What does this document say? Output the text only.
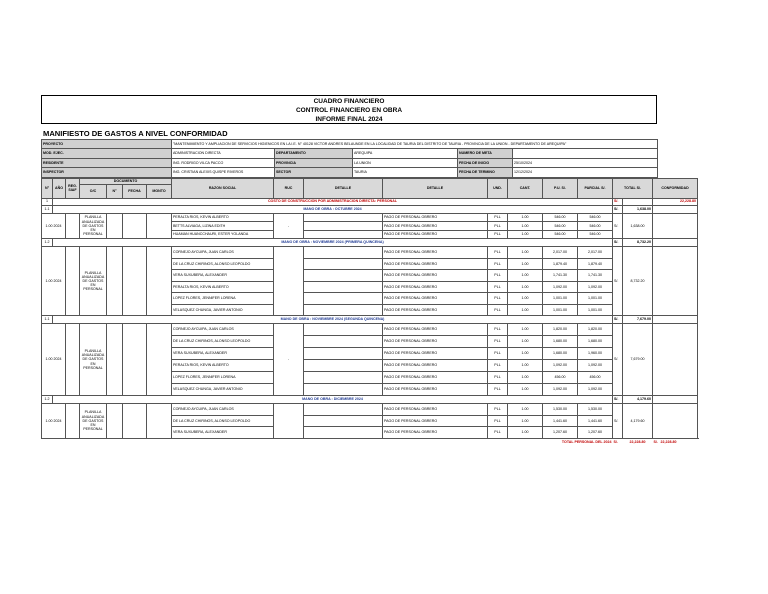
CUADRO FINANCIERO
CONTROL FINANCIERO EN OBRA
INFORME FINAL 2024
MANIFIESTO DE GASTOS A NIVEL CONFORMIDAD
PROYECTO	"MANTENIMIENTO Y AMPLIACION DE SERVICIOS HIGIENICOS EN LA I.E. N° 40128 VICTOR ANDRES BELAUNDE EN LA LOCALIDAD DE TAURIA DEL DISTRITO DE TAURIA - PROVINCIA DE LA UNION - DEPARTAMENTO DE AREQUIPA"				
MOD. EJEC.	ADMINISTRACION DIRECTA	DEPARTAMENTO	AREQUIPA	NUMERO DE META	
RESIDENTE	ING. RODRIGO VILCA PACCO	PROVINCIA	LA UNION	FECHA DE INICIO	25/10/2024
INSPECTOR	ING. CRISTIAN ALEXIS QUISPE RIVEROS	SECTOR	TAURIA	FECHA DE TERMINO	12/12/2024
N°	AÑO	REG. SIAF	DOCUMENTO				RAZON SOCIAL	RUC	DETALLE	DETALLE	UND.	CANT.	P.U. S/.	PARCIAL S/.	TOTAL S/.		CONFORMIDAD
			O/C	N°	FECHA	MONTO												
1	COSTO DE CONSTRUCCION POR ADMINISTRACION DIRECTA: PERSONAL														S/.		22,228.80	
1.1	MANO DE OBRA : OCTUBRE 2024														S/.	1,638.00		
1.00 2024			PLANILLA ANUALIZADA DE GASTOS EN PERSONAL				PERALTA RIOS, KEVIN ALBERTO	-		PAGO DE PERSONAL OBRERO	PLL	1.00	546.00	546.00	S/.	1,638.00		
							BETTS ALVIAGA, LIZINA EDITH			PAGO DE PERSONAL OBRERO	PLL	1.00	546.00	546.00				
							HUAMAN HUANCCHAURI, ESTER YOLANDA			PAGO DE PERSONAL OBRERO	PLL	1.00	546.00	546.00				
1.2	MANO DE OBRA : NOVIEMBRE 2024 (PRIMERA QUINCENA)														S/.	8,732.20		
1.00 2024			PLANILLA ANUALIZADA DE GASTOS EN PERSONAL				CORNEJO AYCUIPA, JUAN CARLOS			PAGO DE PERSONAL OBRERO	PLL	1.00	2,017.00	2,017.00	S/.	8,732.20		
							DE LA CRUZ CHIRINOS, ALONSO LEOPOLDO			PAGO DE PERSONAL OBRERO	PLL	1.00	1,879.40	1,879.40				
							VERA SUXUBERA, ALEXANDER			PAGO DE PERSONAL OBRERO	PLL	1.00	1,741.30	1,741.30				
							PERALTA RIOS, KEVIN ALBERTO			PAGO DE PERSONAL OBRERO	PLL	1.00	1,092.00	1,092.00				
							LOPEZ FLORES, JENNIFER LORENA			PAGO DE PERSONAL OBRERO	PLL	1.00	1,001.00	1,001.00				
							VELASQUEZ CHUNGA, JAVIER ANTONIO			PAGO DE PERSONAL OBRERO	PLL	1.00	1,001.00	1,001.00				
1.1	MANO DE OBRA : NOVIEMBRE 2024 (SEGUNDA QUINCENA)														S/.	7,679.00		
1.00 2024			PLANILLA ANUALIZADA DE GASTOS EN PERSONAL				CORNEJO AYCUIPA, JUAN CARLOS	-		PAGO DE PERSONAL OBRERO	PLL	1.00	1,820.00	1,820.00	S/.	7,679.00		
							DE LA CRUZ CHIRINOS, ALONSO LEOPOLDO			PAGO DE PERSONAL OBRERO	PLL	1.00	1,680.00	1,680.00				
							VERA SUXUBERA, ALEXANDER			PAGO DE PERSONAL OBRERO	PLL	1.00	1,680.00	1,960.00				
							PERALTA RIOS, KEVIN ALBERTO			PAGO DE PERSONAL OBRERO	PLL	1.00	1,092.00	1,092.00				
							LOPEZ FLORES, JENNIFER LORENA			PAGO DE PERSONAL OBRERO	PLL	1.00	456.00	456.00				
							VELASQUEZ CHUNGA, JAVIER ANTONIO			PAGO DE PERSONAL OBRERO	PLL	1.00	1,092.00	1,092.00				
1.2	MANO DE OBRA : DICIEMBRE 2024														S/.	4,179.60		
1.00 2024			PLANILLA ANUALIZADA DE GASTOS EN PERSONAL				CORNEJO AYCUIPA, JUAN CARLOS			PAGO DE PERSONAL OBRERO	PLL	1.00	1,530.00	1,530.00	S/.	4,179.60		
							DE LA CRUZ CHIRINOS, ALONSO LEOPOLDO			PAGO DE PERSONAL OBRERO	PLL	1.00	1,441.60	1,441.60				
							VERA SUXUBERA, ALEXANDER			PAGO DE PERSONAL OBRERO	PLL	1.00	1,207.60	1,207.60				
													TOTAL PERSONAL DEL 2024		S/.	22,228.80	S/.	22,228.80
